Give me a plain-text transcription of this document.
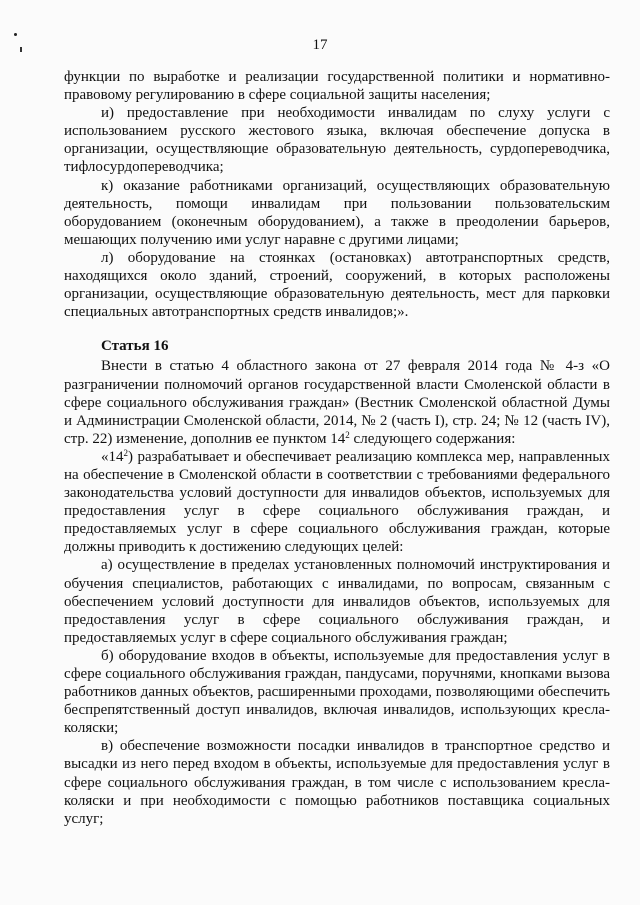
17

функции по выработке и реализации государственной политики и нормативно-правовому регулированию в сфере социальной защиты населения;

и) предоставление при необходимости инвалидам по слуху услуги с использованием русского жестового языка, включая обеспечение допуска в организации, осуществляющие образовательную деятельность, сурдопереводчика, тифлосурдопереводчика;

к) оказание работниками организаций, осуществляющих образовательную деятельность, помощи инвалидам при пользовании пользовательским оборудованием (оконечным оборудованием), а также в преодолении барьеров, мешающих получению ими услуг наравне с другими лицами;

л) оборудование на стоянках (остановках) автотранспортных средств, находящихся около зданий, строений, сооружений, в которых расположены организации, осуществляющие образовательную деятельность, мест для парковки специальных автотранспортных средств инвалидов;».

Статья 16

Внести в статью 4 областного закона от 27 февраля 2014 года № 4-з «О разграничении полномочий органов государственной власти Смоленской области в сфере социального обслуживания граждан» (Вестник Смоленской областной Думы и Администрации Смоленской области, 2014, № 2 (часть I), стр. 24; № 12 (часть IV), стр. 22) изменение, дополнив ее пунктом $14^2$ следующего содержания:

«$14^2$) разрабатывает и обеспечивает реализацию комплекса мер, направленных на обеспечение в Смоленской области в соответствии с требованиями федерального законодательства условий доступности для инвалидов объектов, используемых для предоставления услуг в сфере социального обслуживания граждан, и предоставляемых услуг в сфере социального обслуживания граждан, которые должны приводить к достижению следующих целей:

а) осуществление в пределах установленных полномочий инструктирования и обучения специалистов, работающих с инвалидами, по вопросам, связанным с обеспечением условий доступности для инвалидов объектов, используемых для предоставления услуг в сфере социального обслуживания граждан, и предоставляемых услуг в сфере социального обслуживания граждан;

б) оборудование входов в объекты, используемые для предоставления услуг в сфере социального обслуживания граждан, пандусами, поручнями, кнопками вызова работников данных объектов, расширенными проходами, позволяющими обеспечить беспрепятственный доступ инвалидов, включая инвалидов, использующих кресла-коляски;

в) обеспечение возможности посадки инвалидов в транспортное средство и высадки из него перед входом в объекты, используемые для предоставления услуг в сфере социального обслуживания граждан, в том числе с использованием кресла-коляски и при необходимости с помощью работников поставщика социальных услуг;
